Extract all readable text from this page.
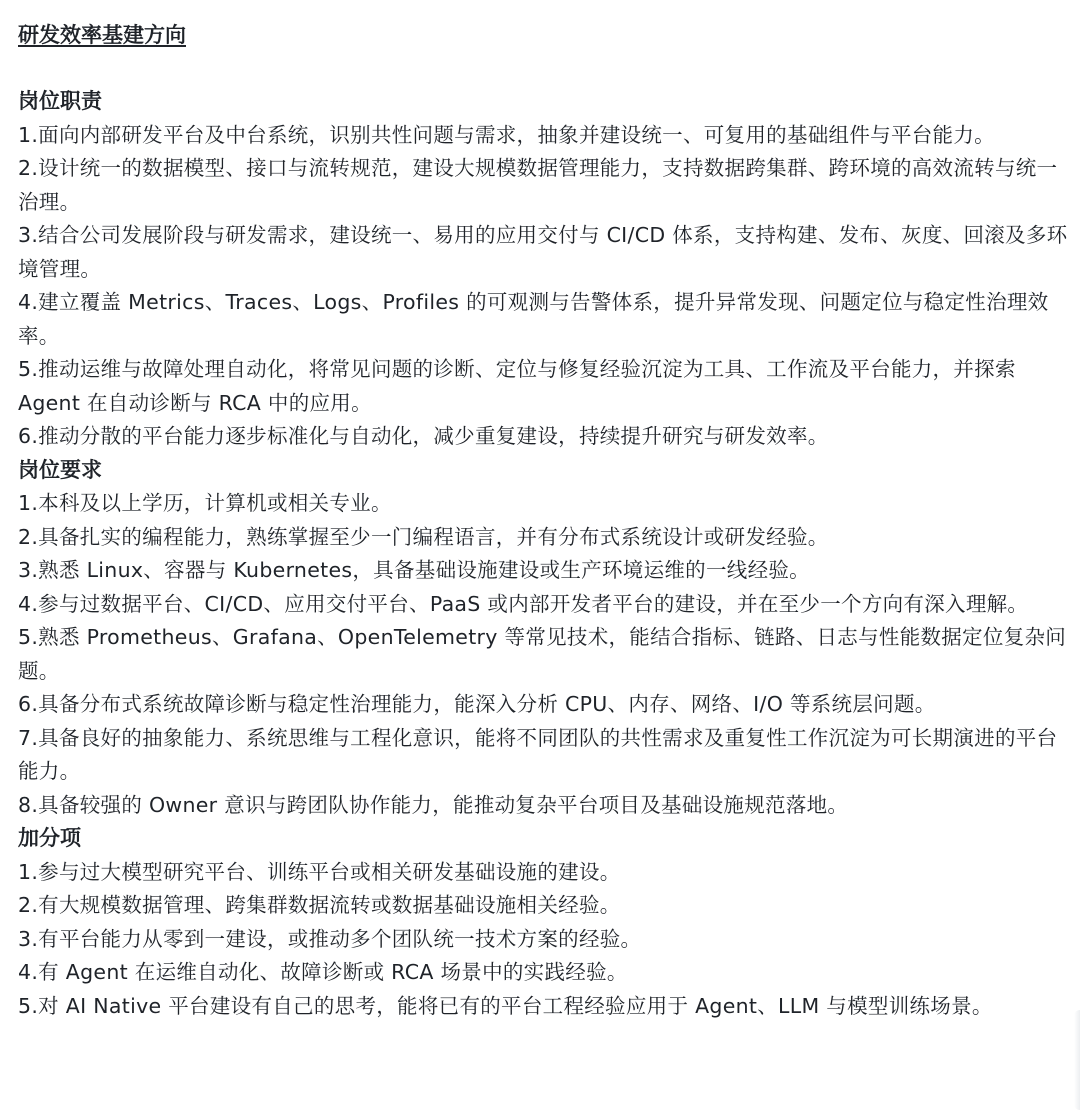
研发效率基建方向
岗位职责
1.面向内部研发平台及中台系统，识别共性问题与需求，抽象并建设统一、可复用的基础组件与平台能力。
2.设计统一的数据模型、接口与流转规范，建设大规模数据管理能力，支持数据跨集群、跨环境的高效流转与统一治理。
3.结合公司发展阶段与研发需求，建设统一、易用的应用交付与 CI/CD 体系，支持构建、发布、灰度、回滚及多环境管理。
4.建立覆盖 Metrics、Traces、Logs、Profiles 的可观测与告警体系，提升异常发现、问题定位与稳定性治理效率。
5.推动运维与故障处理自动化，将常见问题的诊断、定位与修复经验沉淀为工具、工作流及平台能力，并探索 Agent 在自动诊断与 RCA 中的应用。
6.推动分散的平台能力逐步标准化与自动化，减少重复建设，持续提升研究与研发效率。
岗位要求
1.本科及以上学历，计算机或相关专业。
2.具备扎实的编程能力，熟练掌握至少一门编程语言，并有分布式系统设计或研发经验。
3.熟悉 Linux、容器与 Kubernetes，具备基础设施建设或生产环境运维的一线经验。
4.参与过数据平台、CI/CD、应用交付平台、PaaS 或内部开发者平台的建设，并在至少一个方向有深入理解。
5.熟悉 Prometheus、Grafana、OpenTelemetry 等常见技术，能结合指标、链路、日志与性能数据定位复杂问题。
6.具备分布式系统故障诊断与稳定性治理能力，能深入分析 CPU、内存、网络、I/O 等系统层问题。
7.具备良好的抽象能力、系统思维与工程化意识，能将不同团队的共性需求及重复性工作沉淀为可长期演进的平台能力。
8.具备较强的 Owner 意识与跨团队协作能力，能推动复杂平台项目及基础设施规范落地。
加分项
1.参与过大模型研究平台、训练平台或相关研发基础设施的建设。
2.有大规模数据管理、跨集群数据流转或数据基础设施相关经验。
3.有平台能力从零到一建设，或推动多个团队统一技术方案的经验。
4.有 Agent 在运维自动化、故障诊断或 RCA 场景中的实践经验。
5.对 AI Native 平台建设有自己的思考，能将已有的平台工程经验应用于 Agent、LLM 与模型训练场景。
